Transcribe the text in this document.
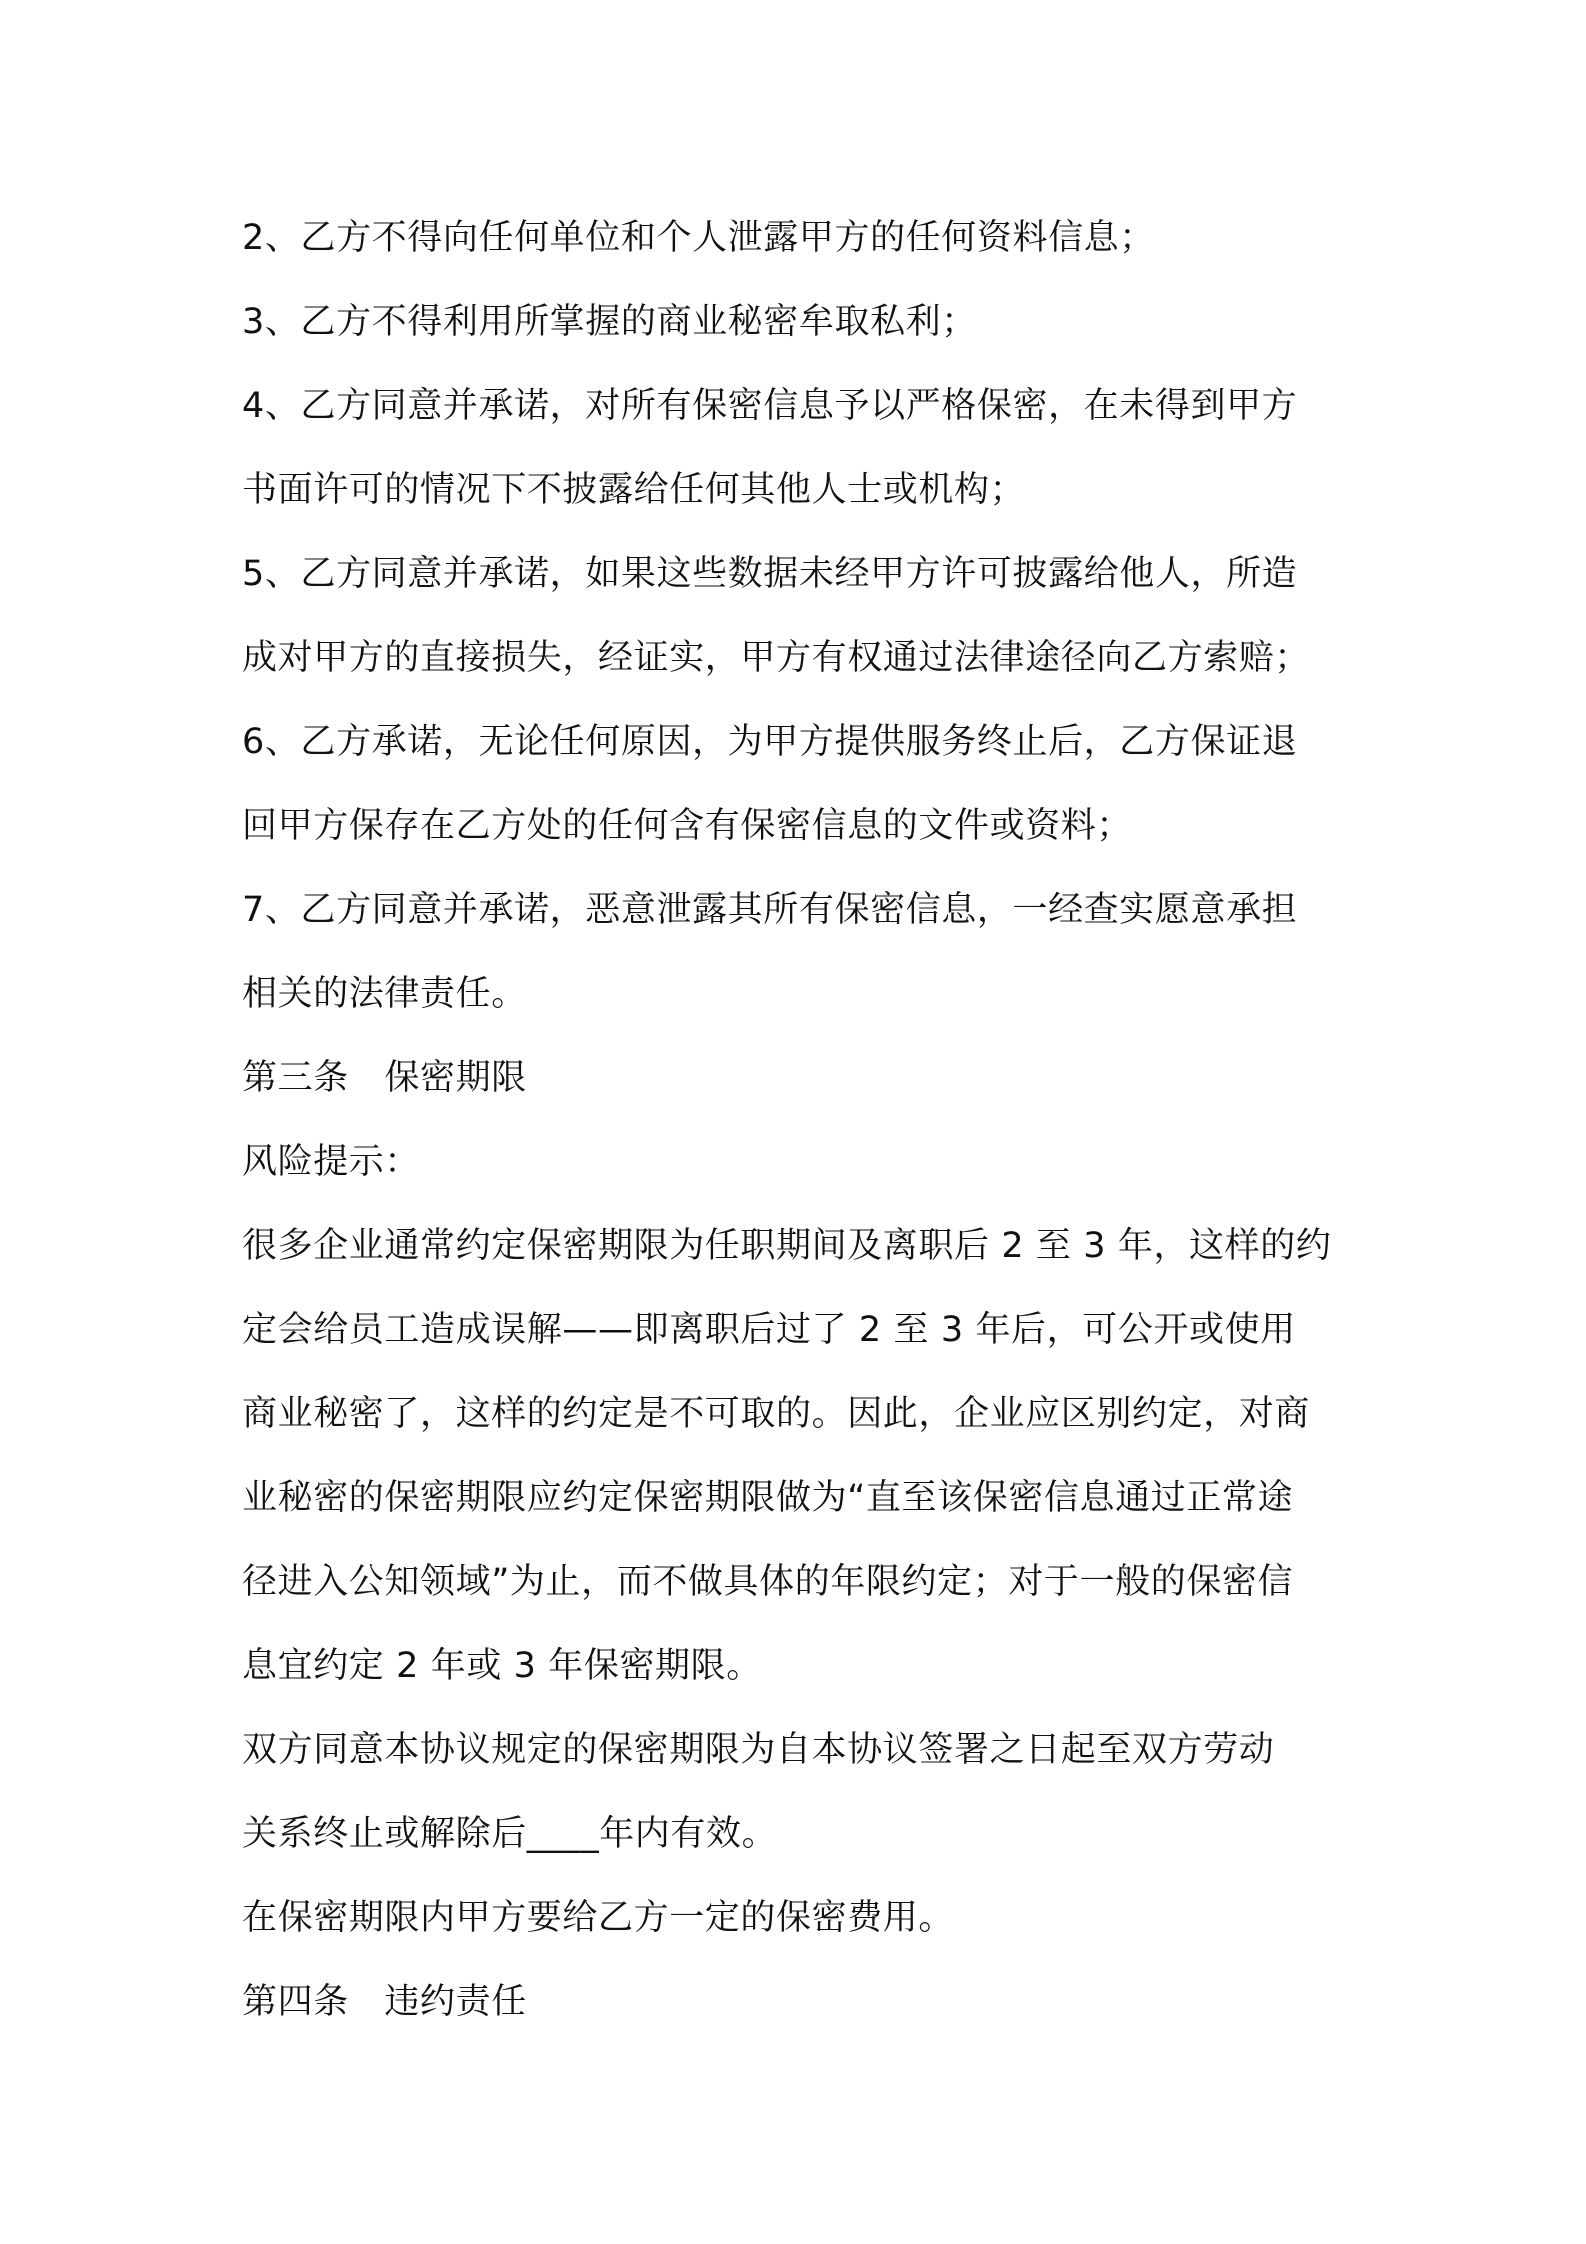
2、乙方不得向任何单位和个人泄露甲方的任何资料信息；
3、乙方不得利用所掌握的商业秘密牟取私利；
4、乙方同意并承诺，对所有保密信息予以严格保密，在未得到甲方
书面许可的情况下不披露给任何其他人士或机构；
5、乙方同意并承诺，如果这些数据未经甲方许可披露给他人，所造
成对甲方的直接损失，经证实，甲方有权通过法律途径向乙方索赔；
6、乙方承诺，无论任何原因，为甲方提供服务终止后，乙方保证退
回甲方保存在乙方处的任何含有保密信息的文件或资料；
7、乙方同意并承诺，恶意泄露其所有保密信息，一经查实愿意承担
相关的法律责任。
第三条　保密期限
风险提示：
很多企业通常约定保密期限为任职期间及离职后 2 至 3 年，这样的约
定会给员工造成误解——即离职后过了 2 至 3 年后，可公开或使用
商业秘密了，这样的约定是不可取的。因此，企业应区别约定，对商
业秘密的保密期限应约定保密期限做为“直至该保密信息通过正常途
径进入公知领域”为止，而不做具体的年限约定；对于一般的保密信
息宜约定 2 年或 3 年保密期限。
双方同意本协议规定的保密期限为自本协议签署之日起至双方劳动
关系终止或解除后____年内有效。
在保密期限内甲方要给乙方一定的保密费用。
第四条　违约责任
